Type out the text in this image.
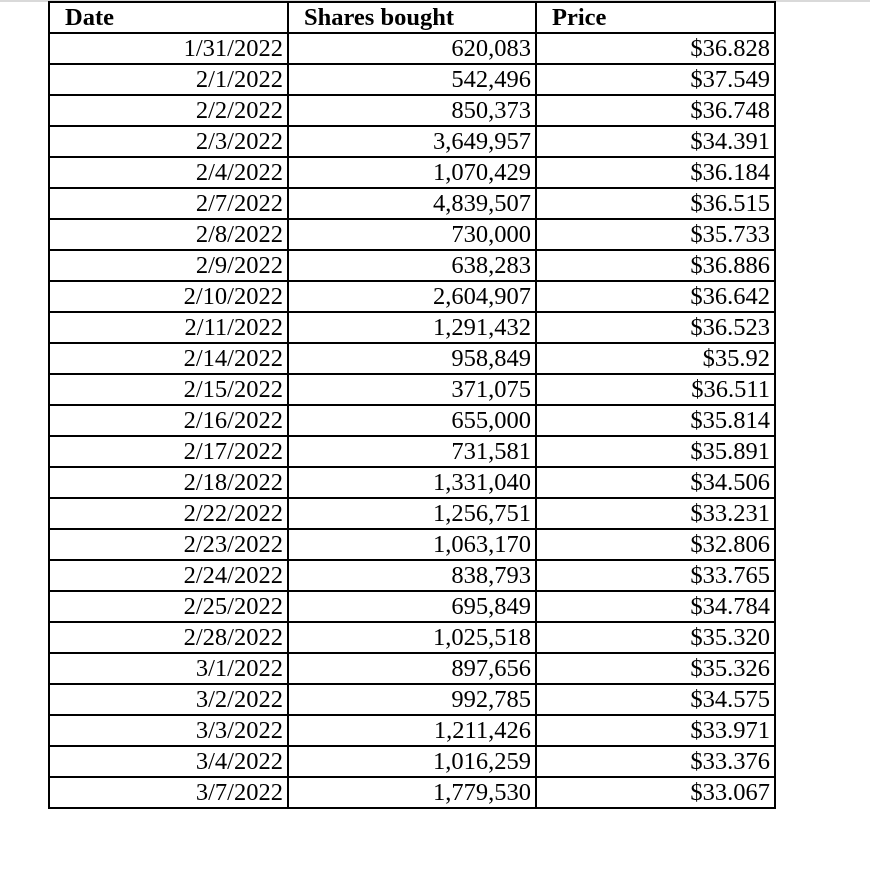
Date	Shares bought	Price
1/31/2022	620,083	$36.828
2/1/2022	542,496	$37.549
2/2/2022	850,373	$36.748
2/3/2022	3,649,957	$34.391
2/4/2022	1,070,429	$36.184
2/7/2022	4,839,507	$36.515
2/8/2022	730,000	$35.733
2/9/2022	638,283	$36.886
2/10/2022	2,604,907	$36.642
2/11/2022	1,291,432	$36.523
2/14/2022	958,849	$35.92
2/15/2022	371,075	$36.511
2/16/2022	655,000	$35.814
2/17/2022	731,581	$35.891
2/18/2022	1,331,040	$34.506
2/22/2022	1,256,751	$33.231
2/23/2022	1,063,170	$32.806
2/24/2022	838,793	$33.765
2/25/2022	695,849	$34.784
2/28/2022	1,025,518	$35.320
3/1/2022	897,656	$35.326
3/2/2022	992,785	$34.575
3/3/2022	1,211,426	$33.971
3/4/2022	1,016,259	$33.376
3/7/2022	1,779,530	$33.067
